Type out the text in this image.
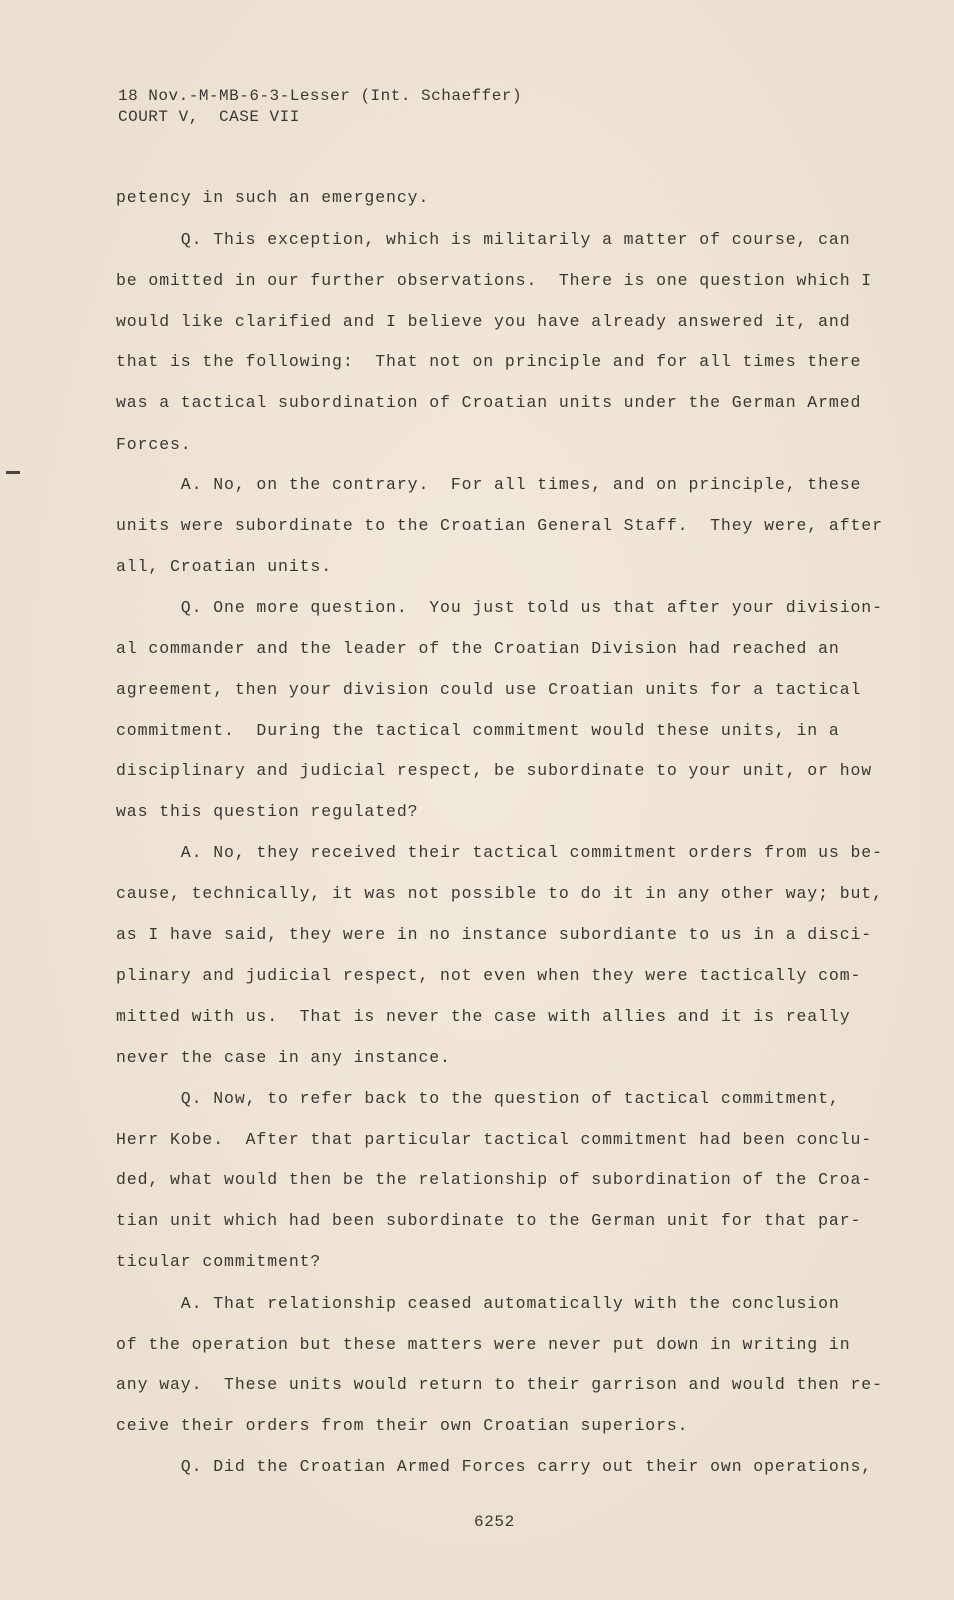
18 Nov.-M-MB-6-3-Lesser (Int. Schaeffer)
COURT V,  CASE VII
petency in such an emergency.
Q. This exception, which is militarily a matter of course, can
be omitted in our further observations.  There is one question which I
would like clarified and I believe you have already answered it, and
that is the following:  That not on principle and for all times there
was a tactical subordination of Croatian units under the German Armed
Forces.
A. No, on the contrary.  For all times, and on principle, these
units were subordinate to the Croatian General Staff.  They were, after
all, Croatian units.
Q. One more question.  You just told us that after your division-
al commander and the leader of the Croatian Division had reached an
agreement, then your division could use Croatian units for a tactical
commitment.  During the tactical commitment would these units, in a
disciplinary and judicial respect, be subordinate to your unit, or how
was this question regulated?
A. No, they received their tactical commitment orders from us be-
cause, technically, it was not possible to do it in any other way; but,
as I have said, they were in no instance subordiante to us in a disci-
plinary and judicial respect, not even when they were tactically com-
mitted with us.  That is never the case with allies and it is really
never the case in any instance.
Q. Now, to refer back to the question of tactical commitment,
Herr Kobe.  After that particular tactical commitment had been conclu-
ded, what would then be the relationship of subordination of the Croa-
tian unit which had been subordinate to the German unit for that par-
ticular commitment?
A. That relationship ceased automatically with the conclusion
of the operation but these matters were never put down in writing in
any way.  These units would return to their garrison and would then re-
ceive their orders from their own Croatian superiors.
Q. Did the Croatian Armed Forces carry out their own operations,
6252
